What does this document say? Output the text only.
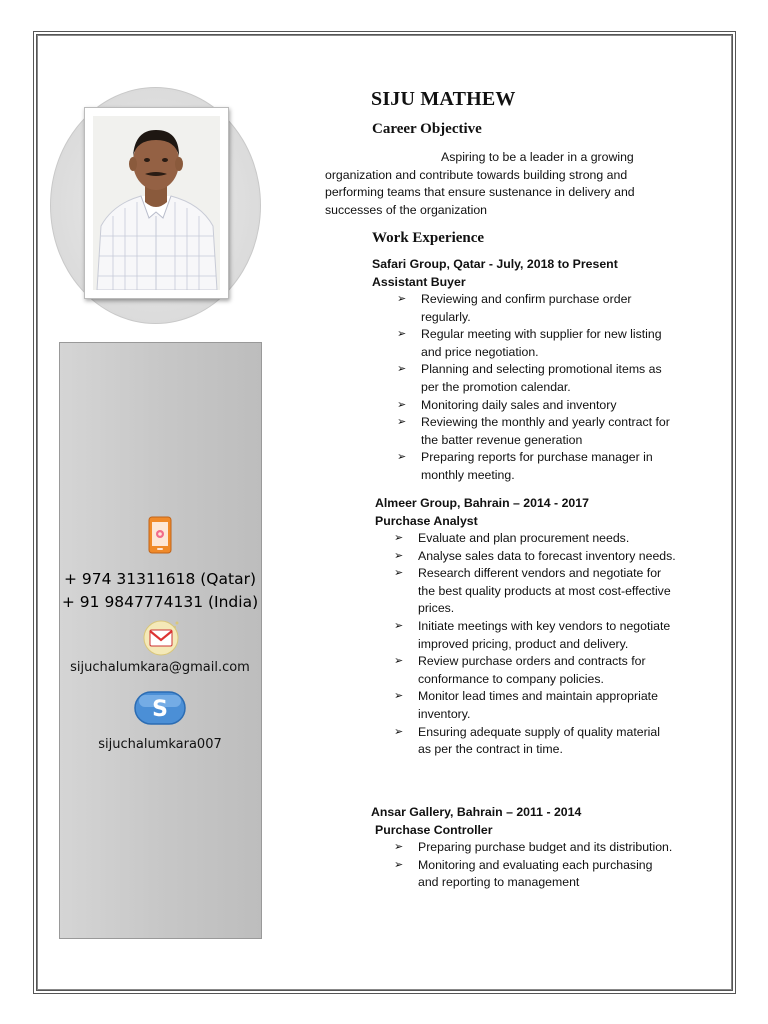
+ 974 31311618 (Qatar)
+ 91 9847774131 (India)
sijuchalumkara@gmail.com
S
sijuchalumkara007
SIJU MATHEW
Career Objective
Aspiring to be a leader in a growing organization and contribute towards building strong and performing teams that ensure sustenance in delivery and successes of the organization
Work Experience
Safari Group, Qatar - July, 2018 to Present
Assistant Buyer
➢ Reviewing and confirm purchase order regularly.
➢ Regular meeting with supplier for new listing and price negotiation.
➢ Planning and selecting promotional items as per the promotion calendar.
➢ Monitoring daily sales and inventory
➢ Reviewing the monthly and yearly contract for the batter revenue generation
➢ Preparing reports for purchase manager in monthly meeting.
Almeer Group, Bahrain – 2014 - 2017
Purchase Analyst
➢ Evaluate and plan procurement needs.
➢ Analyse sales data to forecast inventory needs.
➢ Research different vendors and negotiate for the best quality products at most cost-effective prices.
➢ Initiate meetings with key vendors to negotiate improved pricing, product and delivery.
➢ Review purchase orders and contracts for conformance to company policies.
➢ Monitor lead times and maintain appropriate inventory.
➢ Ensuring adequate supply of quality material as per the contract in time.
Ansar Gallery, Bahrain – 2011 - 2014
Purchase Controller
➢ Preparing purchase budget and its distribution.
➢ Monitoring and evaluating each purchasing and reporting to management
